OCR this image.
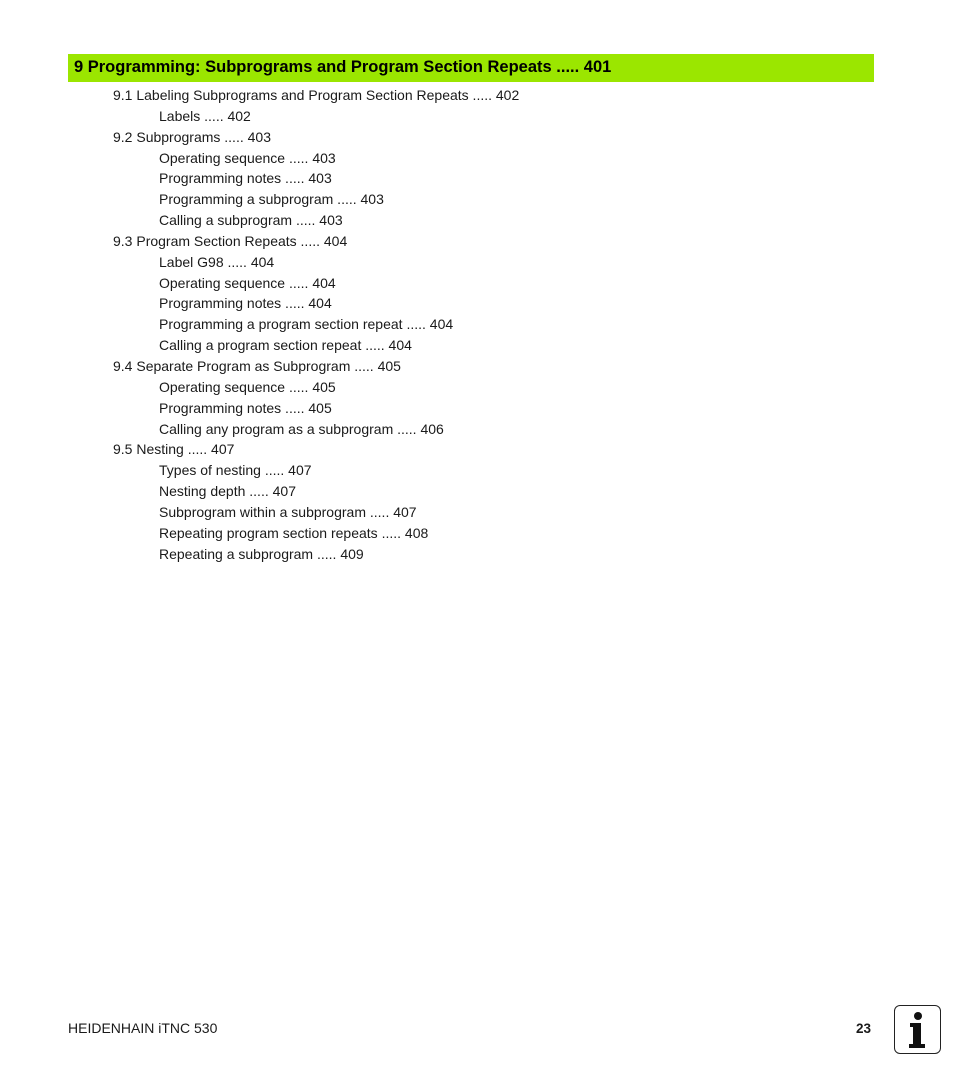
9 Programming: Subprograms and Program Section Repeats ..... 401
9.1 Labeling Subprograms and Program Section Repeats ..... 402
Labels ..... 402
9.2 Subprograms ..... 403
Operating sequence ..... 403
Programming notes ..... 403
Programming a subprogram ..... 403
Calling a subprogram ..... 403
9.3 Program Section Repeats ..... 404
Label G98 ..... 404
Operating sequence ..... 404
Programming notes ..... 404
Programming a program section repeat ..... 404
Calling a program section repeat ..... 404
9.4 Separate Program as Subprogram ..... 405
Operating sequence ..... 405
Programming notes ..... 405
Calling any program as a subprogram ..... 406
9.5 Nesting ..... 407
Types of nesting ..... 407
Nesting depth ..... 407
Subprogram within a subprogram ..... 407
Repeating program section repeats ..... 408
Repeating a subprogram ..... 409
HEIDENHAIN iTNC 530	23
